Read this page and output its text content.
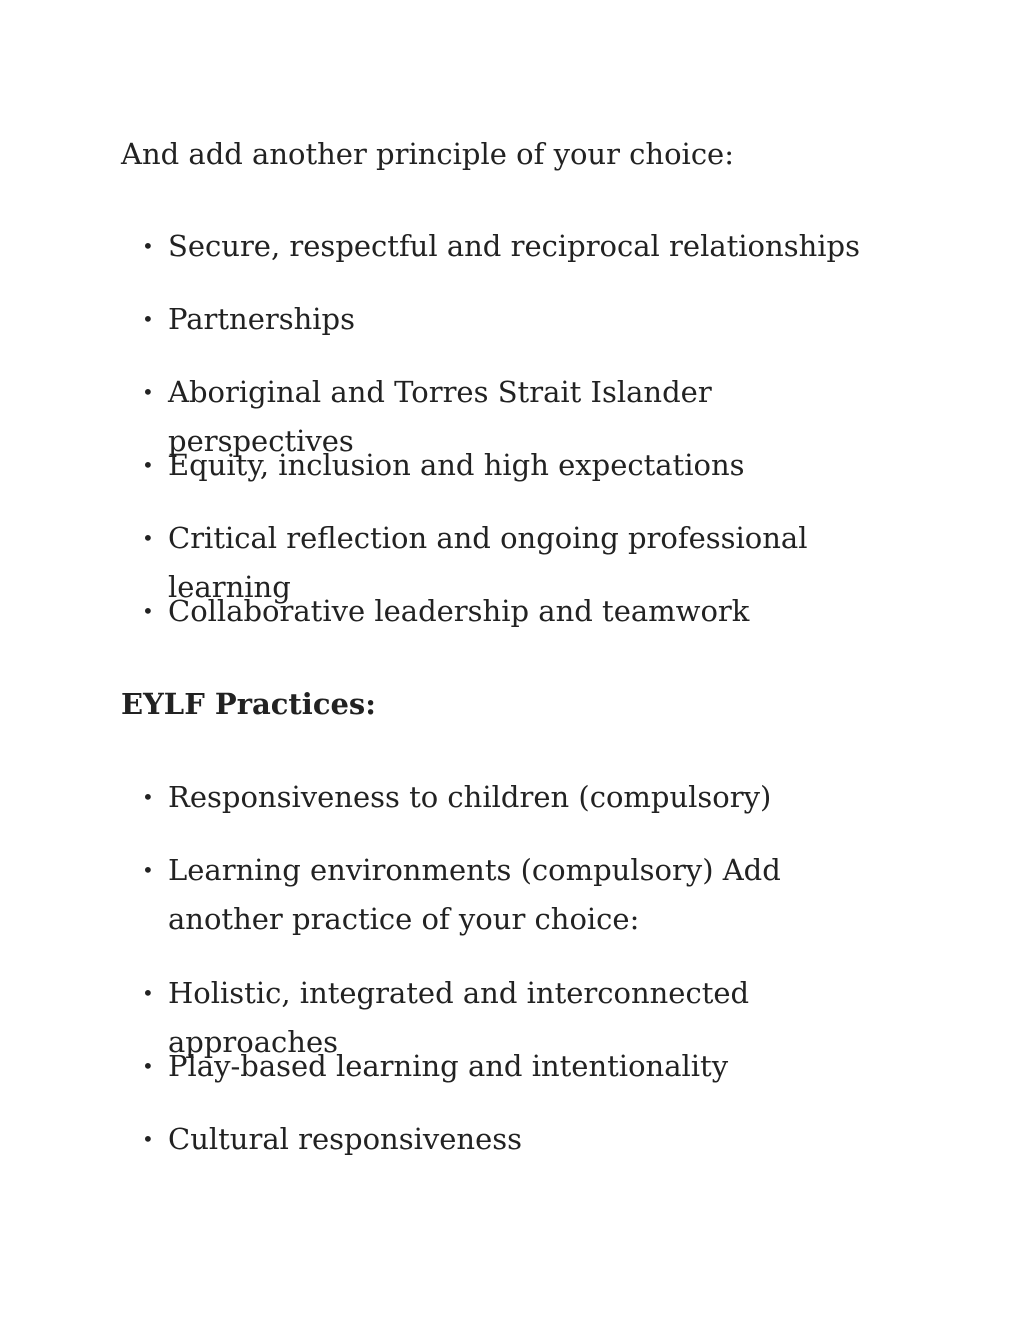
And add another principle of your choice:

• Secure, respectful and reciprocal relationships
• Partnerships
• Aboriginal and Torres Strait Islander perspectives
• Equity, inclusion and high expectations
• Critical reflection and ongoing professional learning
• Collaborative leadership and teamwork
EYLF Practices:
• Responsiveness to children (compulsory)
• Learning environments (compulsory) Add another practice of your choice:
• Holistic, integrated and interconnected approaches
• Play-based learning and intentionality
• Cultural responsiveness
